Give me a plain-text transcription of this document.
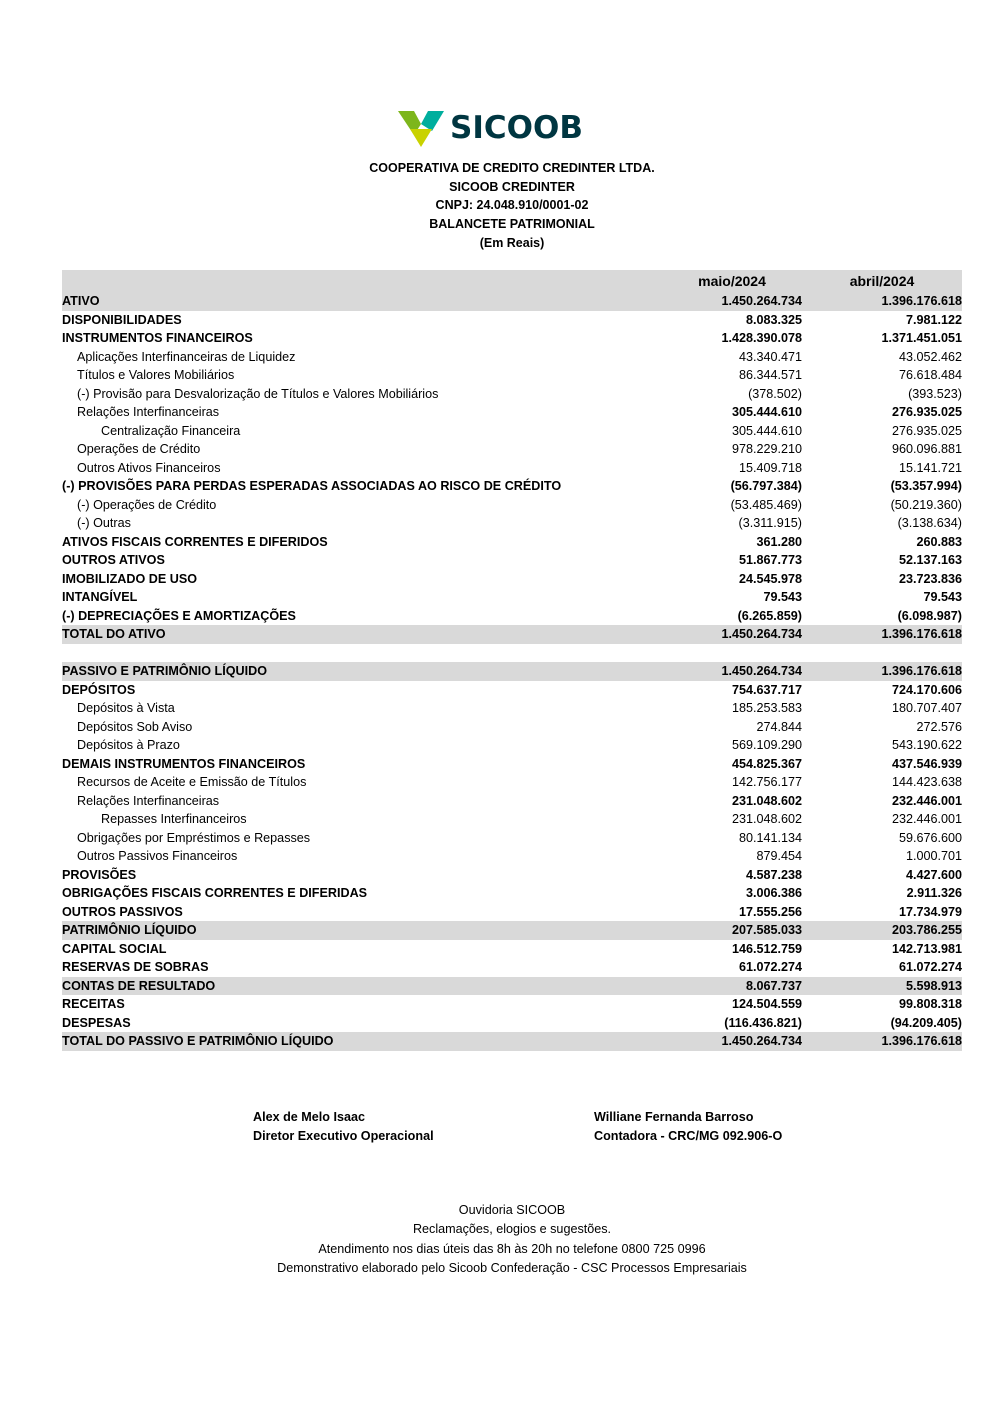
SICOOB
COOPERATIVA DE CREDITO CREDINTER LTDA.
SICOOB CREDINTER
CNPJ: 24.048.910/0001-02
BALANCETE PATRIMONIAL
(Em Reais)
	maio/2024	abril/2024
ATIVO	1.450.264.734	1.396.176.618
DISPONIBILIDADES	8.083.325	7.981.122
INSTRUMENTOS FINANCEIROS	1.428.390.078	1.371.451.051
Aplicações Interfinanceiras de Liquidez	43.340.471	43.052.462
Títulos e Valores Mobiliários	86.344.571	76.618.484
(-) Provisão para Desvalorização de Títulos e Valores Mobiliários	(378.502)	(393.523)
Relações Interfinanceiras	305.444.610	276.935.025
Centralização Financeira	305.444.610	276.935.025
Operações de Crédito	978.229.210	960.096.881
Outros Ativos Financeiros	15.409.718	15.141.721
(-) PROVISÕES PARA PERDAS ESPERADAS ASSOCIADAS AO RISCO DE CRÉDITO	(56.797.384)	(53.357.994)
(-) Operações de Crédito	(53.485.469)	(50.219.360)
(-) Outras	(3.311.915)	(3.138.634)
ATIVOS FISCAIS CORRENTES E DIFERIDOS	361.280	260.883
OUTROS ATIVOS	51.867.773	52.137.163
IMOBILIZADO DE USO	24.545.978	23.723.836
INTANGÍVEL	79.543	79.543
(-) DEPRECIAÇÕES E AMORTIZAÇÕES	(6.265.859)	(6.098.987)
TOTAL DO ATIVO	1.450.264.734	1.396.176.618

PASSIVO E PATRIMÔNIO LÍQUIDO	1.450.264.734	1.396.176.618
DEPÓSITOS	754.637.717	724.170.606
Depósitos à Vista	185.253.583	180.707.407
Depósitos Sob Aviso	274.844	272.576
Depósitos à Prazo	569.109.290	543.190.622
DEMAIS INSTRUMENTOS FINANCEIROS	454.825.367	437.546.939
Recursos de Aceite e Emissão de Títulos	142.756.177	144.423.638
Relações Interfinanceiras	231.048.602	232.446.001
Repasses Interfinanceiros	231.048.602	232.446.001
Obrigações por Empréstimos e Repasses	80.141.134	59.676.600
Outros Passivos Financeiros	879.454	1.000.701
PROVISÕES	4.587.238	4.427.600
OBRIGAÇÕES FISCAIS CORRENTES E DIFERIDAS	3.006.386	2.911.326
OUTROS PASSIVOS	17.555.256	17.734.979
PATRIMÔNIO LÍQUIDO	207.585.033	203.786.255
CAPITAL SOCIAL	146.512.759	142.713.981
RESERVAS DE SOBRAS	61.072.274	61.072.274
CONTAS DE RESULTADO	8.067.737	5.598.913
RECEITAS	124.504.559	99.808.318
DESPESAS	(116.436.821)	(94.209.405)
TOTAL DO PASSIVO E PATRIMÔNIO LÍQUIDO	1.450.264.734	1.396.176.618
Alex de Melo Isaac
Diretor Executivo Operacional
Williane Fernanda Barroso
Contadora - CRC/MG 092.906-O
Ouvidoria SICOOB
Reclamações, elogios e sugestões.
Atendimento nos dias úteis das 8h às 20h no telefone 0800 725 0996
Demonstrativo elaborado pelo Sicoob Confederação - CSC Processos Empresariais
